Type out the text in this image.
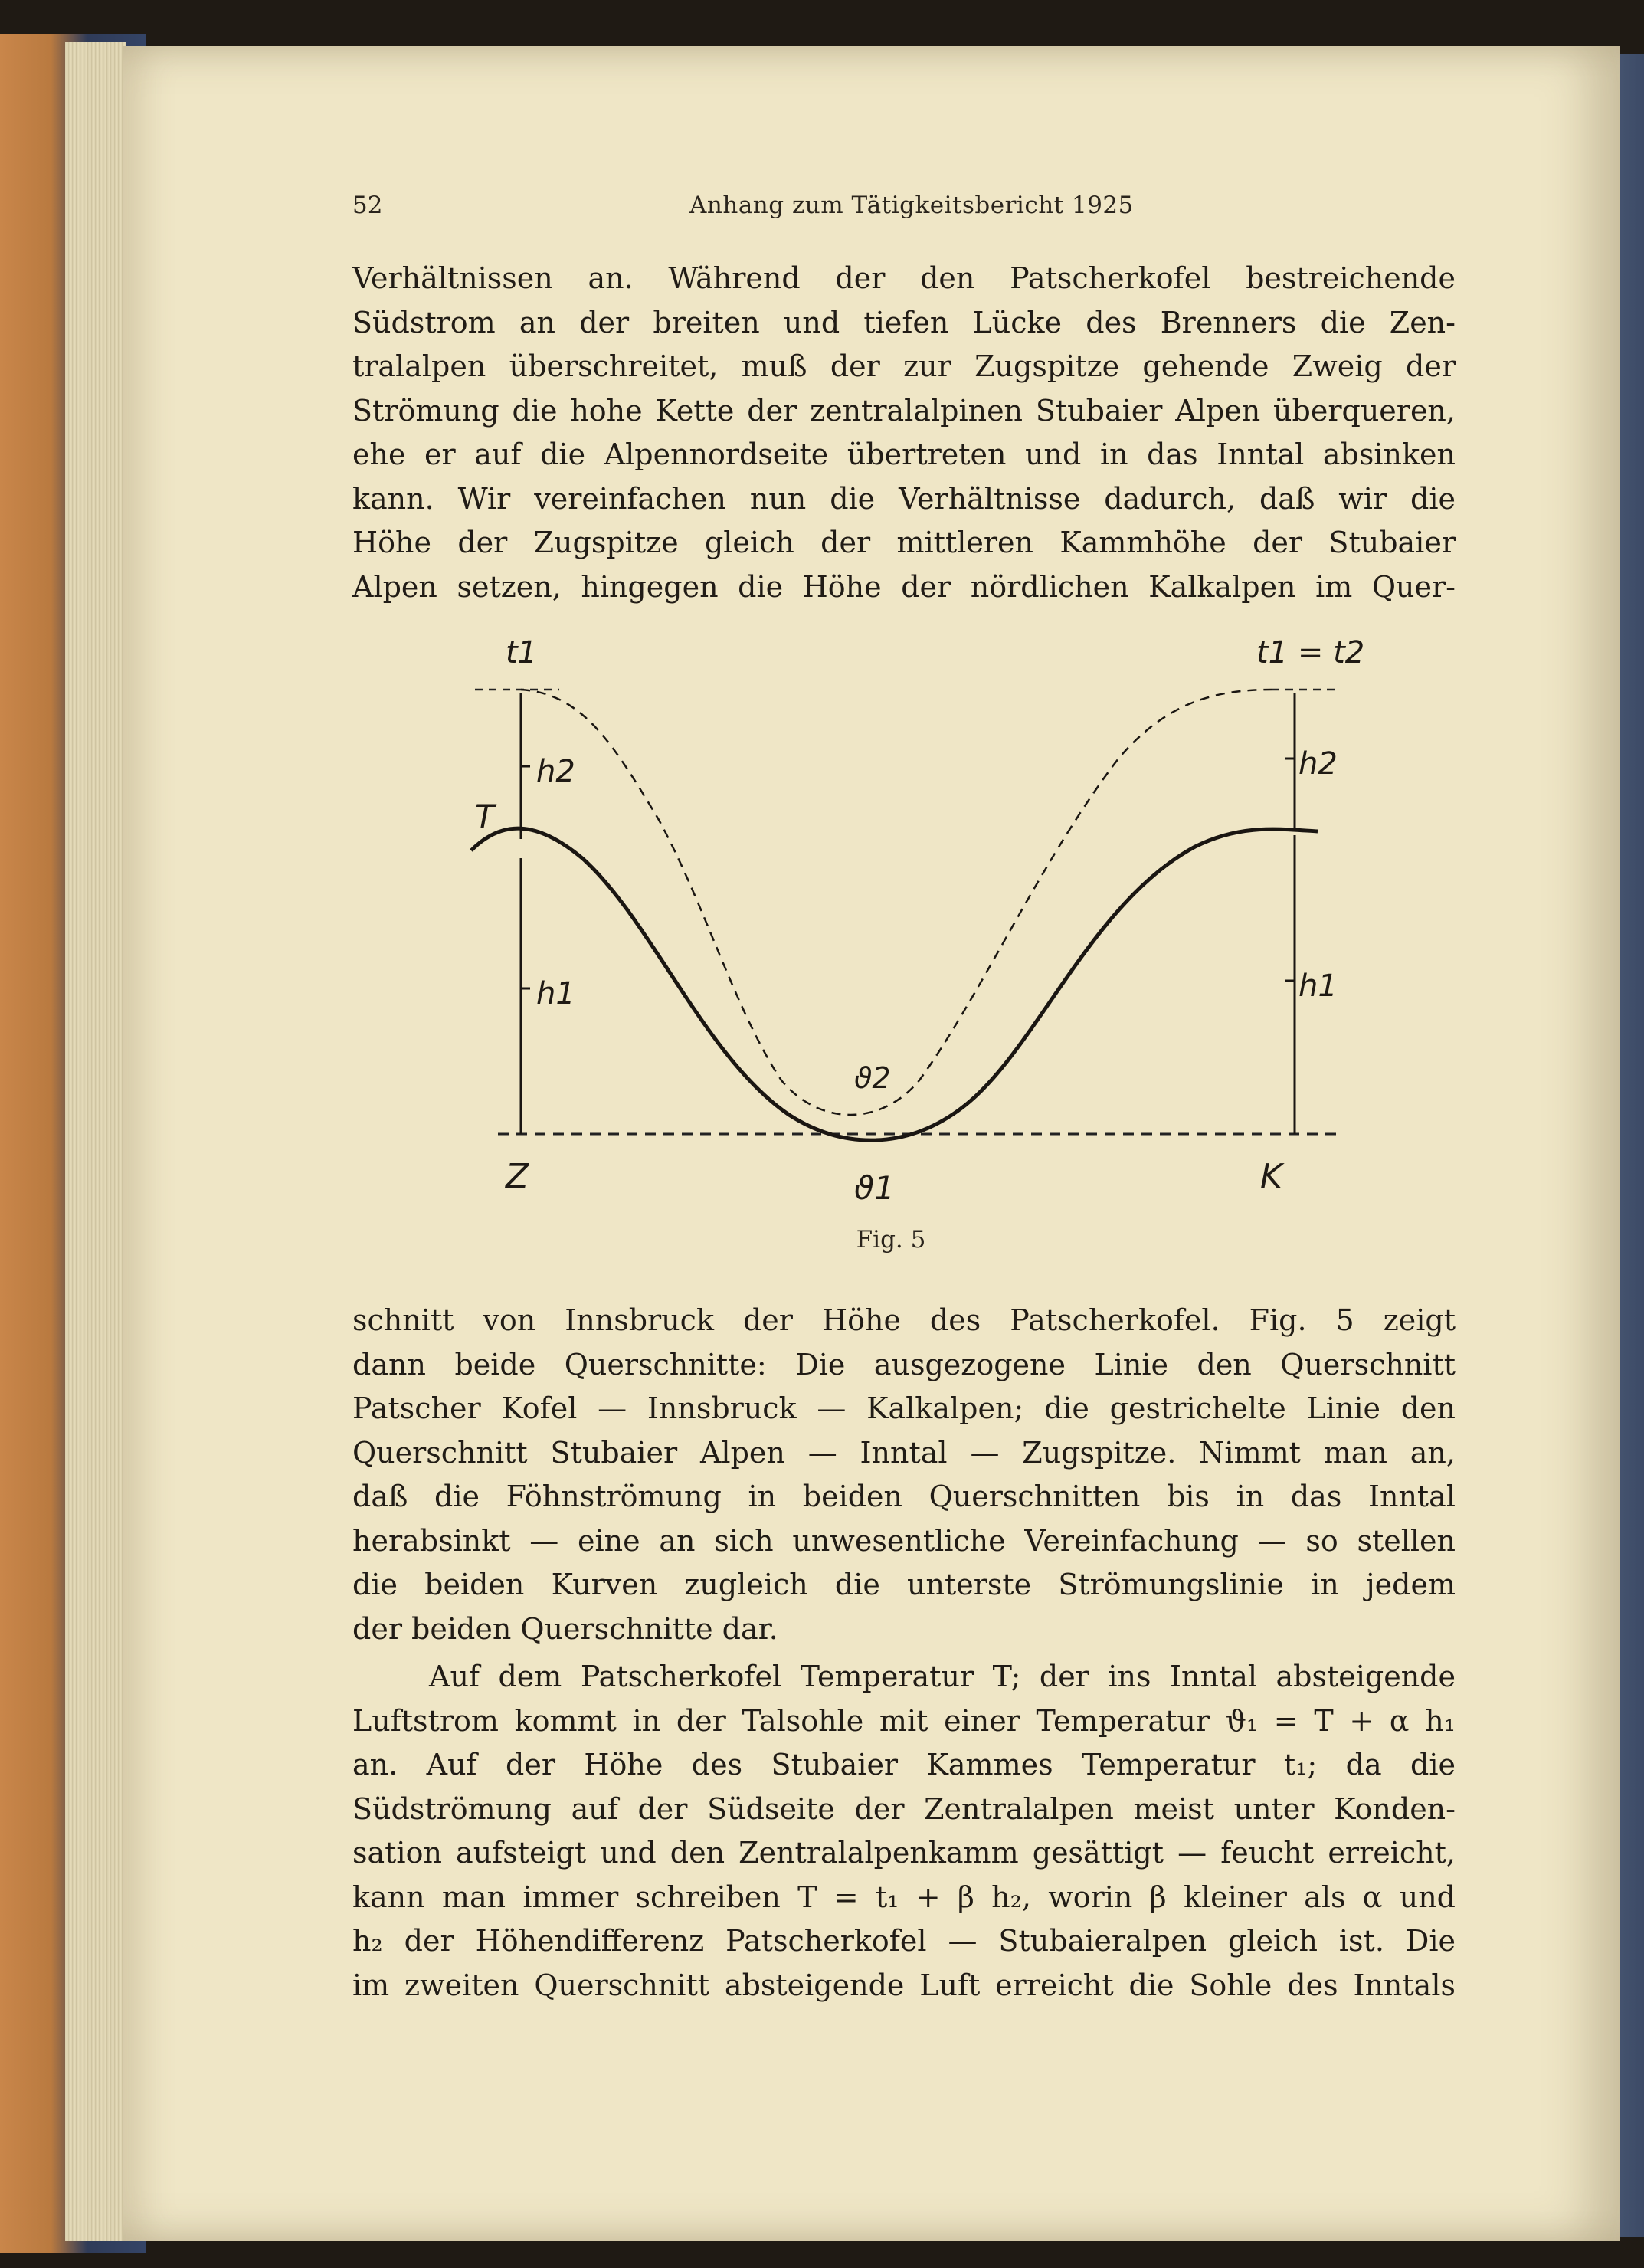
52	Anhang zum Tätigkeitsbericht 1925
Verhältnissen an. Während der den Patscherkofel bestreichende
Südstrom an der breiten und tiefen Lücke des Brenners die Zen-
tralalpen überschreitet, muß der zur Zugspitze gehende Zweig der
Strömung die hohe Kette der zentralalpinen Stubaier Alpen überqueren,
ehe er auf die Alpennordseite übertreten und in das Inntal absinken
kann. Wir vereinfachen nun die Verhältnisse dadurch, daß wir die
Höhe der Zugspitze gleich der mittleren Kammhöhe der Stubaier
Alpen setzen, hingegen die Höhe der nördlichen Kalkalpen im Quer-
t1	t1 = t2
h2	h2
T
h1	h1
ϑ2
Z	K
ϑ1
Fig. 5
schnitt von Innsbruck der Höhe des Patscherkofel. Fig. 5 zeigt
dann beide Querschnitte: Die ausgezogene Linie den Querschnitt
Patscher Kofel — Innsbruck — Kalkalpen; die gestrichelte Linie den
Querschnitt Stubaier Alpen — Inntal — Zugspitze. Nimmt man an,
daß die Föhnströmung in beiden Querschnitten bis in das Inntal
herabsinkt — eine an sich unwesentliche Vereinfachung — so stellen
die beiden Kurven zugleich die unterste Strömungslinie in jedem
der beiden Querschnitte dar.
Auf dem Patscherkofel Temperatur T; der ins Inntal absteigende
Luftstrom kommt in der Talsohle mit einer Temperatur ϑ₁ = T + α h₁
an. Auf der Höhe des Stubaier Kammes Temperatur t₁; da die
Südströmung auf der Südseite der Zentralalpen meist unter Konden-
sation aufsteigt und den Zentralalpenkamm gesättigt — feucht erreicht,
kann man immer schreiben T = t₁ + β h₂, worin β kleiner als α und
h₂ der Höhendifferenz Patscherkofel — Stubaieralpen gleich ist. Die
im zweiten Querschnitt absteigende Luft erreicht die Sohle des Inntals
